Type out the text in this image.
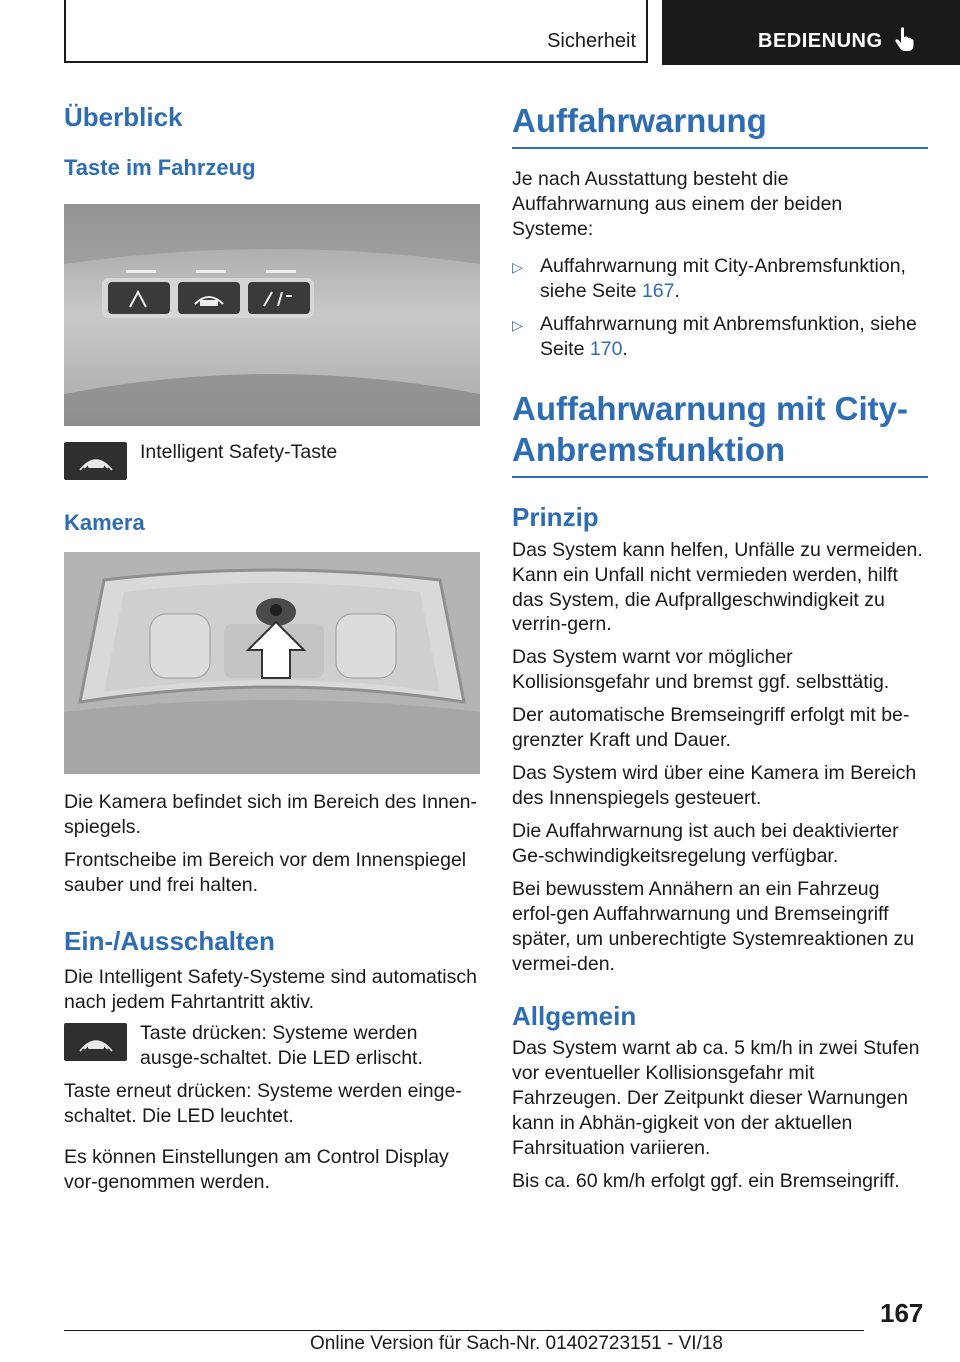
Sicherheit	BEDIENUNG
Überblick
Taste im Fahrzeug

Intelligent Safety-Taste

Kamera

Die Kamera befindet sich im Bereich des Innen-spiegels.

Frontscheibe im Bereich vor dem Innenspiegel sauber und frei halten.

Ein-/Ausschalten

Die Intelligent Safety-Systeme sind automatisch nach jedem Fahrtantritt aktiv.

Taste drücken: Systeme werden ausge-schaltet. Die LED erlischt.

Taste erneut drücken: Systeme werden einge-schaltet. Die LED leuchtet.

Es können Einstellungen am Control Display vor-genommen werden.

Auffahrwarnung

Je nach Ausstattung besteht die Auffahrwarnung aus einem der beiden Systeme:

▷ Auffahrwarnung mit City-Anbremsfunktion, siehe Seite 167.

▷ Auffahrwarnung mit Anbremsfunktion, siehe Seite 170.

Auffahrwarnung mit City-Anbremsfunktion
Prinzip

Das System kann helfen, Unfälle zu vermeiden. Kann ein Unfall nicht vermieden werden, hilft das System, die Aufprallgeschwindigkeit zu verrin-gern.

Das System warnt vor möglicher Kollisionsgefahr und bremst ggf. selbsttätig.

Der automatische Bremseingriff erfolgt mit be-grenzter Kraft und Dauer.

Das System wird über eine Kamera im Bereich des Innenspiegels gesteuert.

Die Auffahrwarnung ist auch bei deaktivierter Ge-schwindigkeitsregelung verfügbar.

Bei bewusstem Annähern an ein Fahrzeug erfol-gen Auffahrwarnung und Bremseingriff später, um unberechtigte Systemreaktionen zu vermei-den.

Allgemein

Das System warnt ab ca. 5 km/h in zwei Stufen vor eventueller Kollisionsgefahr mit Fahrzeugen. Der Zeitpunkt dieser Warnungen kann in Abhän-gigkeit von der aktuellen Fahrsituation variieren.

Bis ca. 60 km/h erfolgt ggf. ein Bremseingriff.

167
Online Version für Sach-Nr. 01402723151 - VI/18
